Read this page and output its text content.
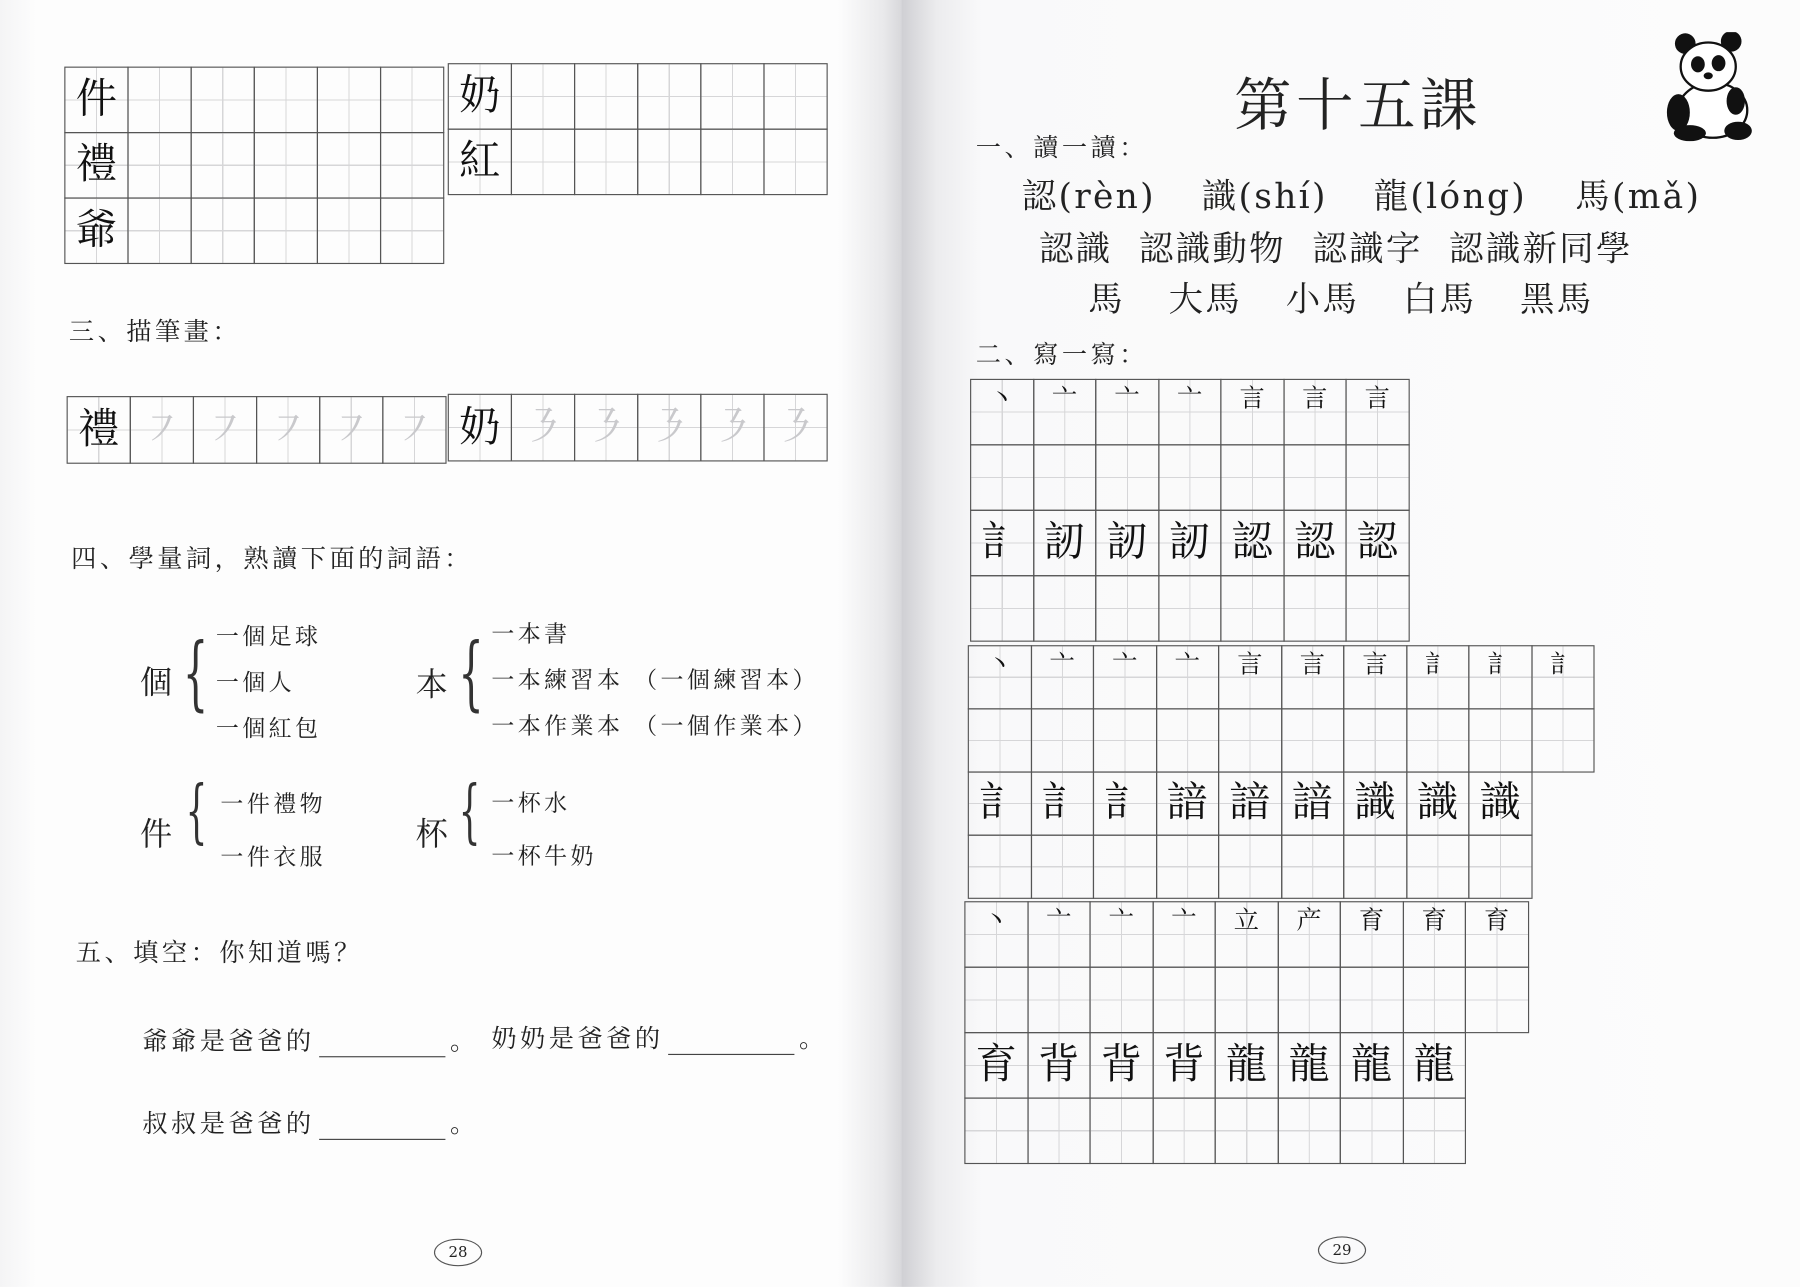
件
禮
爺
奶
紅
三、描筆畫：
禮 ㇇ ㇇ ㇇ ㇇ ㇇ 奶 ㇋ ㇋ ㇋ ㇋ ㇋
四、學量詞，熟讀下面的詞語：
個 { 一個足球
一個人
一個紅包
本 { 一本書
一本練習本 （一個練習本）
一本作業本 （一個作業本）
件 { 一件禮物
一件衣服
杯 { 一杯水
一杯牛奶
五、填空：你知道嗎？
爺爺是爸爸的	。 奶奶是爸爸的	。
叔叔是爸爸的	。
28
第十五課
一、讀一讀：
認(rèn) 識(shí) 龍(lóng) 馬(mǎ)
認識 認識動物 認識字 認識新同學
馬 大馬 小馬 白馬 黑馬
二、寫一寫：
丶	亠	亠	亠	言	言	言
訁 訒 訒 訒 認 認 認
丶	亠	亠	亠	言	言	言	訁	訁	訁
訁 訁 訁 諳 諳 諳 識 識 識
丶	亠	亠	亠	立	产	育	育	育
育 背 背 背 龍 龍 龍 龍
29
